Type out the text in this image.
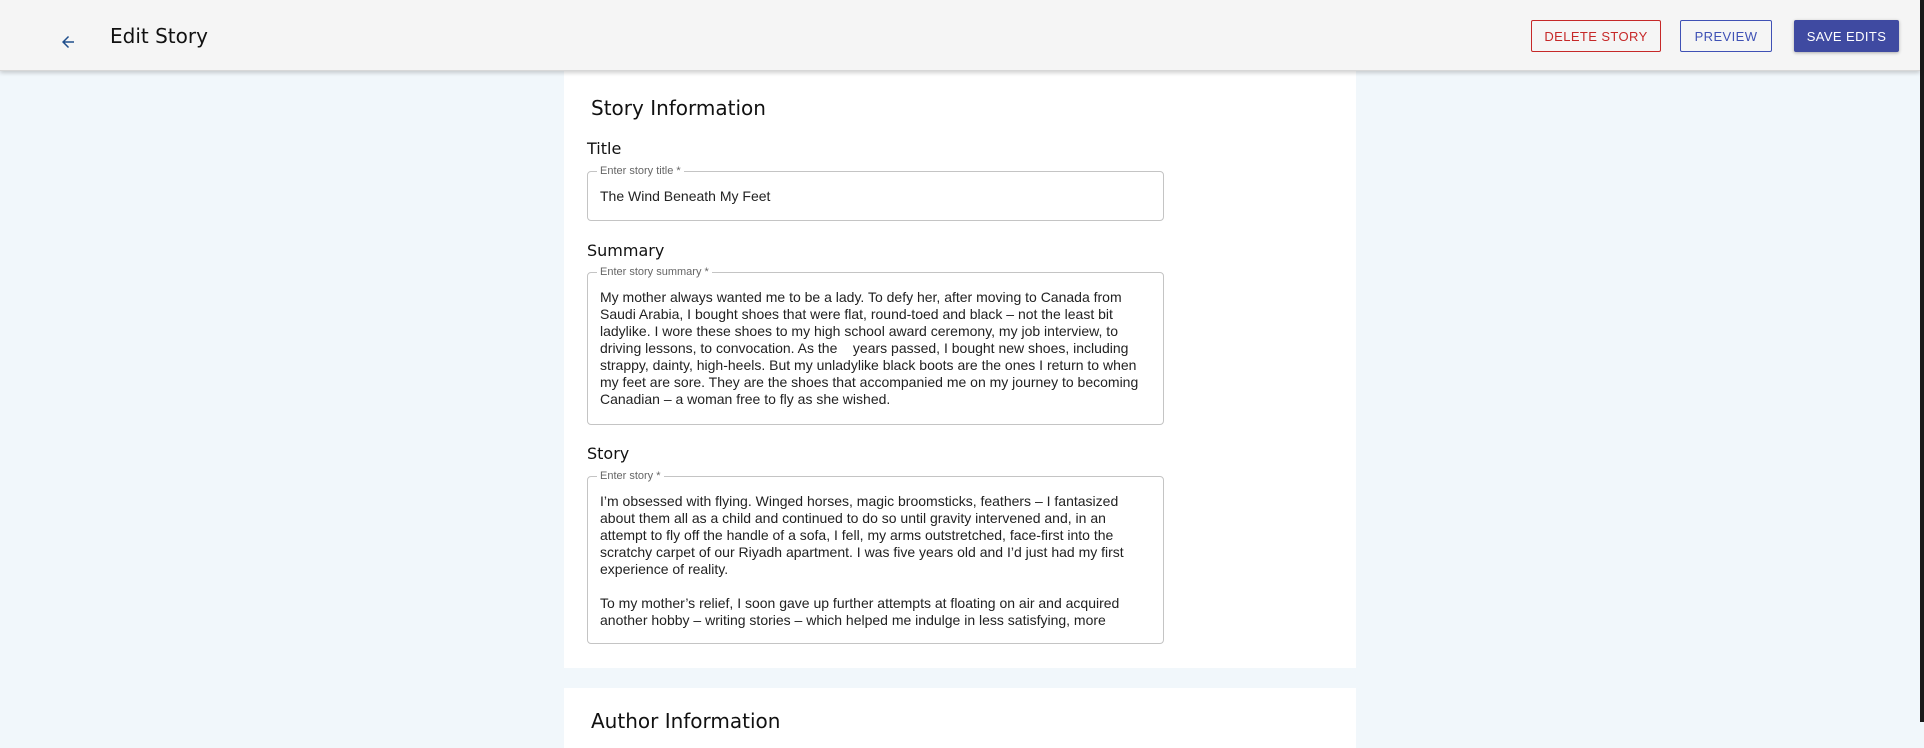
Edit Story	DELETE STORY	PREVIEW	SAVE EDITS
Story Information
Title
Enter story title *
The Wind Beneath My Feet
Summary
Enter story summary *
My mother always wanted me to be a lady. To defy her, after moving to Canada from Saudi Arabia, I bought shoes that were flat, round-toed and black – not the least bit ladylike. I wore these shoes to my high school award ceremony, my job interview, to driving lessons, to convocation. As the    years passed, I bought new shoes, including strappy, dainty, high-heels. But my unladylike black boots are the ones I return to when my feet are sore. They are the shoes that accompanied me on my journey to becoming Canadian – a woman free to fly as she wished.
Story
Enter story *
I’m obsessed with flying. Winged horses, magic broomsticks, feathers – I fantasized about them all as a child and continued to do so until gravity intervened and, in an attempt to fly off the handle of a sofa, I fell, my arms outstretched, face-first into the scratchy carpet of our Riyadh apartment. I was five years old and I’d just had my first experience of reality.

To my mother’s relief, I soon gave up further attempts at floating on air and acquired another hobby – writing stories – which helped me indulge in less satisfying, more
Author Information
